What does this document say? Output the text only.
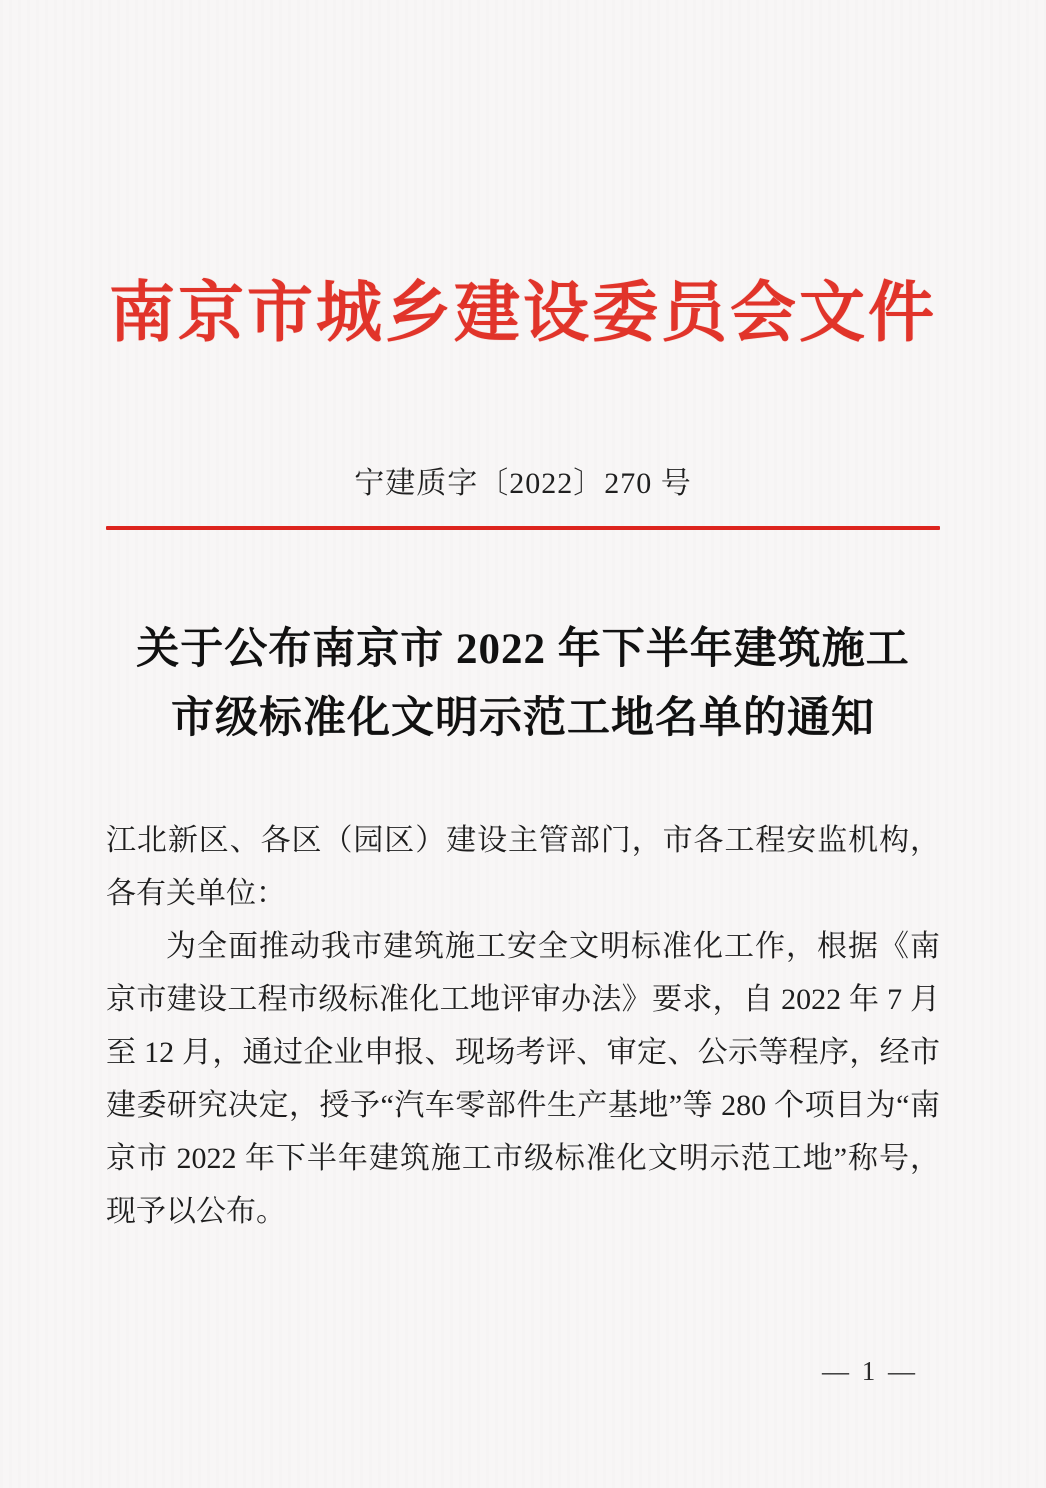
南京市城乡建设委员会文件
宁建质字〔2022〕270 号
关于公布南京市 2022 年下半年建筑施工
市级标准化文明示范工地名单的通知

江北新区、各区（园区）建设主管部门，市各工程安监机构，各有关单位：

为全面推动我市建筑施工安全文明标准化工作，根据《南京市建设工程市级标准化工地评审办法》要求，自 2022 年 7 月至 12 月，通过企业申报、现场考评、审定、公示等程序，经市建委研究决定，授予“汽车零部件生产基地”等 280 个项目为“南京市 2022 年下半年建筑施工市级标准化文明示范工地”称号，现予以公布。

— 1 —
